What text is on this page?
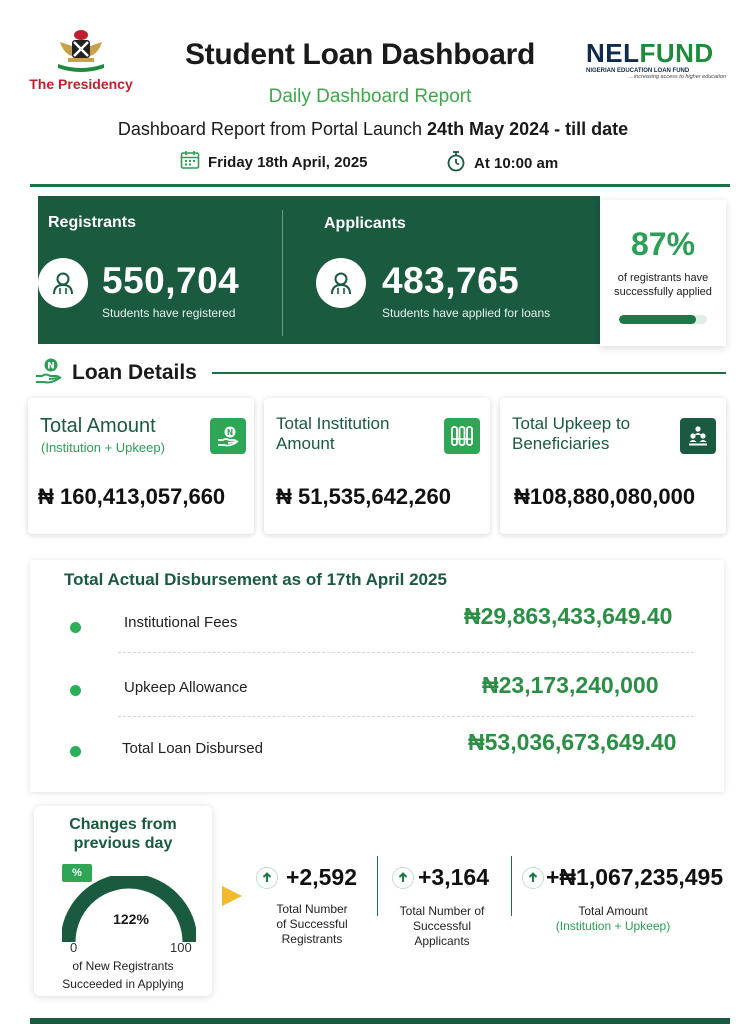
The Presidency
Student Loan Dashboard	NELFUND
NIGERIAN EDUCATION LOAN FUND
...increasing access to higher education
Daily Dashboard Report
Dashboard Report from Portal Launch 24th May 2024 - till date
Friday 18th April, 2025	At 10:00 am
Registrants
550,704
Students have registered
Applicants
483,765
Students have applied for loans
87%
of registrants have
successfully applied
N Loan Details
Total Amount
(Institution + Upkeep)
N
₦ 160,413,057,660
Total Institution
Amount
₦ 51,535,642,260
Total Upkeep to
Beneficiaries
₦108,880,080,000
Total Actual Disbursement as of 17th April 2025
Institutional Fees	₦29,863,433,649.40
Upkeep Allowance	₦23,173,240,000
Total Loan Disbursed	₦53,036,673,649.40
Changes from
previous day
%
122%
0	100
of New Registrants
Succeeded in Applying
+2,592
Total Number
of Successful
Registrants
+3,164
Total Number of
Successful
Applicants
+₦1,067,235,495
Total Amount
(Institution + Upkeep)
